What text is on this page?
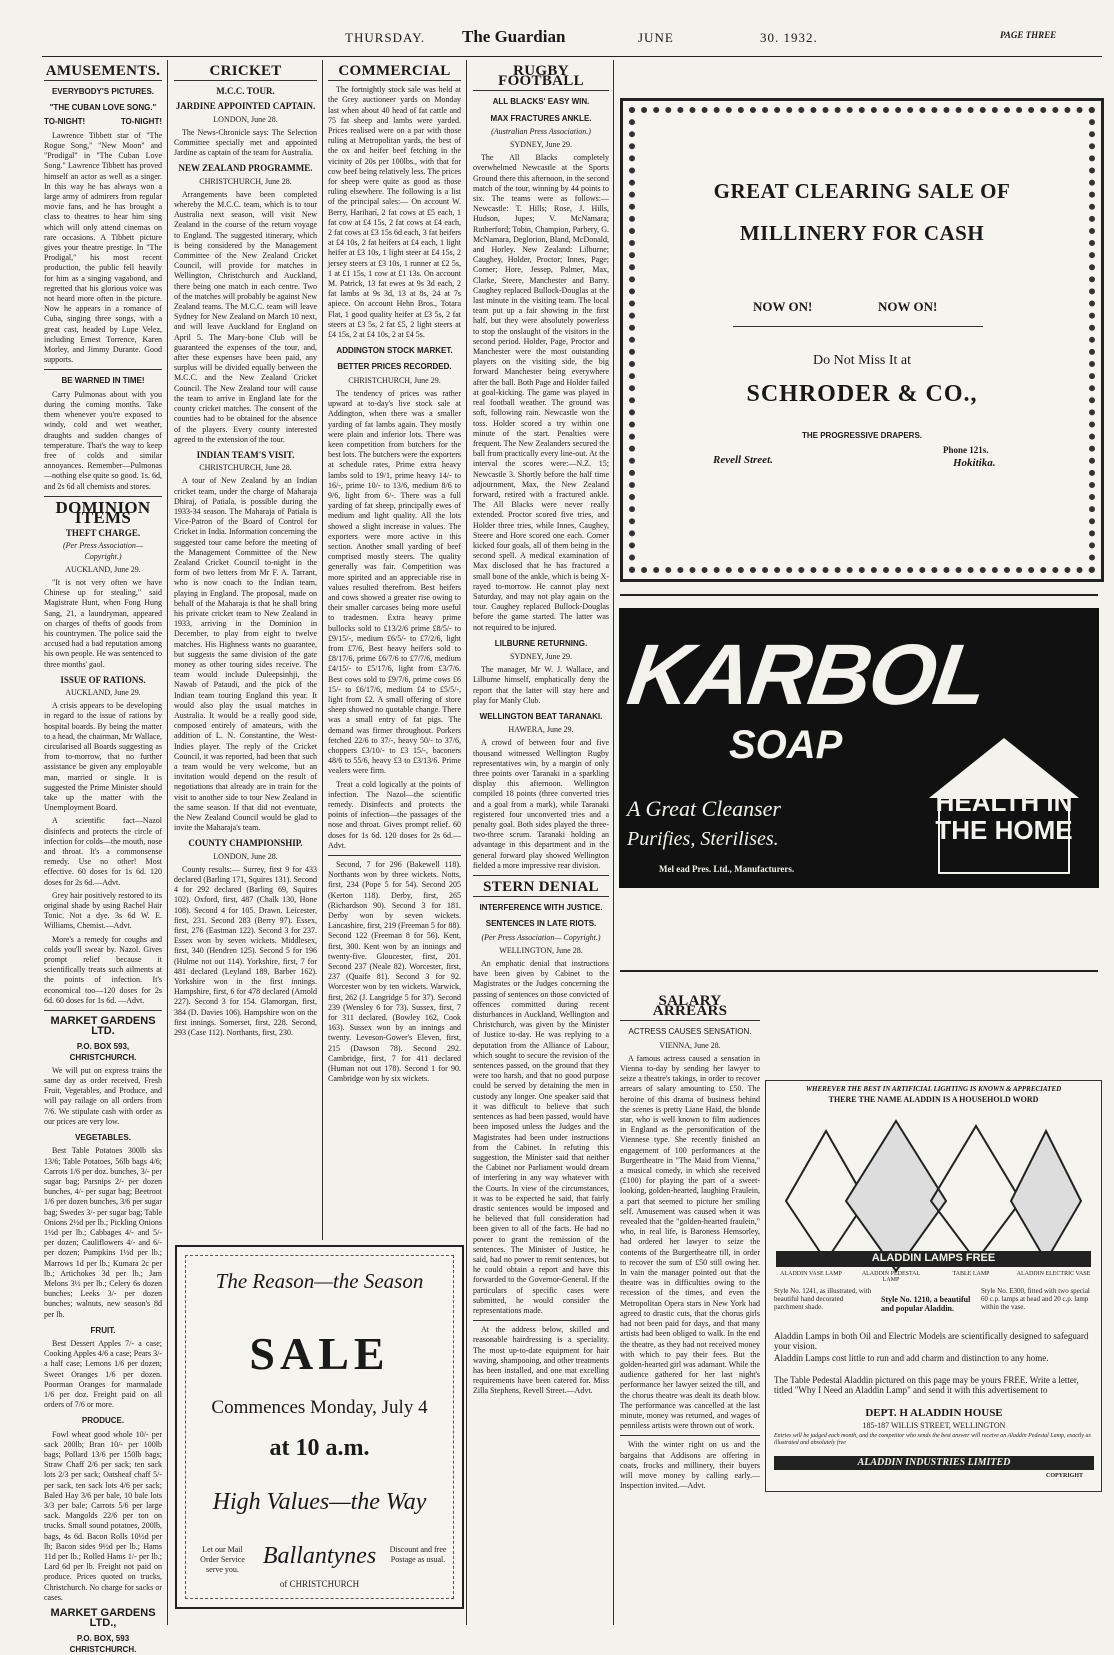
THURSDAY. The Guardian	JUNE	30. 1932.	PAGE THREE
AMUSEMENTS.
EVERYBODY'S PICTURES.
"THE CUBAN LOVE SONG."
TO-NIGHT!	TO-NIGHT!

Lawrence Tibbett star of "The Rogue Song," "New Moon" and "Prodigal" in "The Cuban Love Song." Lawrence Tibbett has proved himself an actor as well as a singer. In this way he has always won a large army of admirers from regular movie fans, and he has brought a class to theatres to hear him sing which will only attend cinemas on rare occasions. A Tibbett picture gives your theatre prestige. In "The Prodigal," his most recent production, the public fell heavily for him as a singing vagabond, and regretted that his glorious voice was not heard more often in the picture. Now he appears in a romance of Cuba, singing three songs, with a great cast, headed by Lupe Velez, including Ernest Torrence, Karen Morley, and Jimmy Durante. Good supports.

BE WARNED IN TIME!

Carry Pulmonas about with you during the coming months. Take them whenever you're exposed to windy, cold and wet weather, draughts and sudden changes of temperature. That's the way to keep free of colds and similar annoyances. Remember—Pulmonas—nothing else quite so good. 1s. 6d, and 2s 6d all chemists and stores.

DOMINION ITEMS
THEFT CHARGE.

(Per Press Association— Copyright.)

AUCKLAND, June 29.

"It is not very often we have Chinese up for stealing," said Magistrate Hunt, when Fong Hung Sang, 21, a laundryman, appeared on charges of thefts of goods from his countrymen. The police said the accused had a bad reputation among his own people. He was sentenced to three months' gaol.

ISSUE OF RATIONS.

AUCKLAND, June 29.

A crisis appears to be developing in regard to the issue of rations by hospital boards. By being the matter to a head, the chairman, Mr Wallace, circularised all Boards suggesting as from to-morrow, that no further assistance be given any employable man, married or single. It is suggested the Prime Minister should take up the matter with the Unemployment Board.

A scientific fact—Nazol disinfects and protects the circle of infection for colds—the mouth, nose and throat. It's a commonsense remedy. Use no other! Most effective. 60 doses for 1s 6d. 120 doses for 2s 6d.—Advt.

Grey hair positively restored to its original shade by using Rachel Hair Tonic. Not a dye. 3s 6d W. E. Williams, Chemist.—Advt.

More's a remedy for coughs and colds you'll swear by. Nazol. Gives prompt relief because it scientifically treats such ailments at the points of infection. It's economical too—120 doses for 2s 6d. 60 doses for 1s 6d. —Advt.

MARKET GARDENS LTD.
P.O. BOX 593, CHRISTCHURCH.

We will put on express trains the same day as order received, Fresh Fruit, Vegetables, and Produce, and will pay railage on all orders from 7/6. We stipulate cash with order as our prices are very low.

VEGETABLES.

Best Table Potatoes 300lb sks 13/6; Table Potatoes, 56lb bags 4/6; Carrots 1/6 per doz. bunches, 3/- per sugar bag; Parsnips 2/- per dozen bunches, 4/- per sugar bag; Beetroot 1/6 per dozen bunches, 3/6 per sugar bag; Swedes 3/- per sugar bag; Table Onions 2½d per lb.; Pickling Onions 1½d per lb.; Cabbages 4/- and 5/- per dozen; Cauliflowers 4/- and 6/- per dozen; Pumpkins 1½d per lb.; Marrows 1d per lb.; Kumara 2c per lb.; Artichokes 3d per lb.; Jam Melons 3½ per lb.; Celery 6s dozen bunches; Leeks 3/- per dozen bunches; walnuts, new season's 8d per lb.

FRUIT.

Best Dessert Apples 7/- a case; Cooking Apples 4/6 a case; Pears 3/- a half case; Lemons 1/6 per dozen; Sweet Oranges 1/6 per dozen. Poorman Oranges for marmalade 1/6 per doz. Freight paid on all orders of 7/6 or more.

PRODUCE.

Fowl wheat good whole 10/- per sack 200lb; Bran 10/- per 100lb bags; Pollard 13/6 per 150lb bags; Straw Chaff 2/6 per sack; ten sack lots 2/3 per sack; Oatsheaf chaff 5/- per sack, ten sack lots 4/6 per sack; Baled Hay 3/6 per bale, 10 bale lots 3/3 per bale; Carrots 5/6 per large sack. Mangolds 22/6 per ton on trucks. Small sound potatoes, 200lb, bags, 4s 6d. Bacon Rolls 10½d per lb; Bacon sides 9½d per lb.; Hams 11d per lb.; Rolled Hams 1/- per lb.; Lard 6d per lb. Freight not paid on produce. Prices quoted on trucks, Christchurch. No charge for sacks or cases.

MARKET GARDENS LTD.,
P.O. BOX, 593 CHRISTCHURCH.
CRICKET
M.C.C. TOUR.
JARDINE APPOINTED CAPTAIN.

LONDON, June 28.

The News-Chronicle says: The Selection Committee specially met and appointed Jardine as captain of the team for Australia.

NEW ZEALAND PROGRAMME.

CHRISTCHURCH, June 28.

Arrangements have been completed whereby the M.C.C. team, which is to tour Australia next season, will visit New Zealand in the course of the return voyage to England. The suggested itinerary, which is being considered by the Management Committee of the New Zealand Cricket Council, will provide for matches in Wellington, Christchurch and Auckland, there being one match in each centre. Two of the matches will probably be against New Zealand teams. The M.C.C. team will leave Sydney for New Zealand on March 10 next, and will leave Auckland for England on April 5. The Mary-bone Club will be guaranteed the expenses of the tour, and, after these expenses have been paid, any surplus will be divided equally between the M.C.C. and the New Zealand Cricket Council. The New Zealand tour will cause the team to arrive in England late for the county cricket matches. The consent of the counties had to be obtained for the absence of the players. Every county interested agreed to the extension of the tour.

INDIAN TEAM'S VISIT.

CHRISTCHURCH, June 28.

A tour of New Zealand by an Indian cricket team, under the charge of Maharaja Dhiraj, of Patiala, is possible during the 1933-34 season. The Maharaja of Patiala is Vice-Patron of the Board of Control for Cricket in India. Information concerning the suggested tour came before the meeting of the Management Committee of the New Zealand Cricket Council to-night in the form of two letters from Mr F. A. Tarrant, who is now coach to the Indian team, playing in England. The proposal, made on behalf of the Maharaja is that he shall bring his private cricket team to New Zealand in 1933, arriving in the Dominion in December, to play from eight to twelve matches. His Highness wants no guarantee, but suggests the same division of the gate money as other touring sides receive. The team would include Duleepsinhji, the Nawab of Pataudi, and the pick of the Indian team touring England this year. It would also play the usual matches in Australia. It would be a really good side, composed entirely of amateurs, with the addition of L. N. Constantine, the West-Indies player. The reply of the Cricket Council, it was reported, had been that such a team would be very welcome, but an invitation would depend on the result of negotiations that already are in train for the visit to another side to tour New Zealand in the same season. If that did not eventuate, the New Zealand Council would be glad to invite the Maharaja's team.

COUNTY CHAMPIONSHIP.

LONDON, June 28.

County results:— Surrey, first 9 for 433 declared (Barling 171, Squires 131). Second 4 for 292 declared (Barling 69, Squires 102). Oxford, first, 487 (Chalk 130, Hone 108). Second 4 for 105. Drawn. Leicester, first, 231. Second 283 (Berry 97). Essex, first, 276 (Eastman 122). Second 3 for 237. Essex won by seven wickets. Middlesex, first, 340 (Hendren 125). Second 5 for 196 (Hulme not out 114). Yorkshire, first, 7 for 481 declared (Leyland 189, Barber 162). Yorkshire won in the first innings. Hampshire, first, 6 for 478 declared (Arnold 227). Second 3 for 154. Glamorgan, first, 384 (D. Davies 106). Hampshire won on the first innings. Somerset, first, 228. Second, 293 (Case 112). Northants, first, 230.

COMMERCIAL

The fortnightly stock sale was held at the Grey auctioneer yards on Monday last when about 40 head of fat cattle and 75 fat sheep and lambs were yarded. Prices realised were on a par with those ruling at Metropolitan yards, the best of the ox and heifer beef fetching in the vicinity of 20s per 100lbs., with that for cow beef being relatively less. The prices for sheep were quite as good as those ruling elsewhere. The following is a list of the principal sales:— On account W. Berry, Hariharí, 2 fat cows at £5 each, 1 fat cow at £4 15s, 2 fat cows at £4 each, 2 fat cows at £3 15s 6d each, 3 fat heifers at £4 10s, 2 fat heifers at £4 each, 1 light heifer at £3 10s, 1 light steer at £4 15s, 2 jersey steers at £3 10s, 1 runner at £2 5s, 1 at £1 15s, 1 cow at £1 13s. On account M. Patrick, 13 fat ewes at 9s 3d each, 2 fat lambs at 9s 3d, 13 at 8s, 24 at 7s apiece. On account Hehn Bros., Totara Flat, 1 good quality heifer at £3 5s, 2 fat steers at £3 5s, 2 fat £5, 2 light steers at £4 15s, 2 at £4 10s, 2 at £4 5s.

ADDINGTON STOCK MARKET.
BETTER PRICES RECORDED.

CHRISTCHURCH, June 29.

The tendency of prices was rather upward at to-day's live stock sale at Addington, when there was a smaller yarding of fat lambs again. They mostly were plain and inferior lots. There was keen competition from butchers for the best lots. The butchers were the exporters at schedule rates, Prime extra heavy lambs sold to 19/1, prime heavy 14/- to 16/-, prime 10/- to 13/6, medium 8/6 to 9/6, light from 6/-. There was a full yarding of fat sheep, principally ewes of medium and light quality. All the lots showed a slight increase in values. The exporters were more active in this section. Another small yarding of beef comprised mostly steers. The quality generally was fair. Competition was more spirited and an appreciable rise in values resulted therefrom. Best heifers and cows showed a greater rise owing to their smaller carcases being more useful to tradesmen. Extra heavy prime bullocks sold to £13/2/6 prime £8/5/- to £9/15/-, medium £6/5/- to £7/2/6, light from £7/6, Best heavy heifers sold to £8/17/6, prime £6/7/6 to £7/7/6, medium £4/15/- to £5/17/6, light from £3/7/6. Best cows sold to £9/7/6, prime cows £6 15/- to £6/17/6, medium £4 to £5/5/-, light from £2. A small offering of store sheep showed no quotable change. There was a small entry of fat pigs. The demand was firmer throughout. Porkers fetched 22/6 to 37/-, heavy 50/- to 37/6, choppers £3/10/- to £3 15/-, baconers 48/6 to 55/6, heavy £3 to £3/13/6. Prime vealers were firm.

Treat a cold logically at the points of infection. The Nazol—the scientific remedy. Disinfects and protects the points of infection—the passages of the nose and throat. Gives prompt relief. 60 doses for 1s 6d. 120 doses for 2s 6d.—Advt.

Second, 7 for 296 (Bakewell 118). Northants won by three wickets. Notts, first, 234 (Pope 5 for 54). Second 205 (Kerton 118). Derby, first, 265 (Richardson 90). Second 3 for 181. Derby won by seven wickets. Lancashire, first, 219 (Freeman 5 for 88). Second 122 (Freeman 8 for 56). Kent, first, 300. Kent won by an innings and twenty-five. Gloucester, first, 201. Second 237 (Neale 82). Worcester, first, 237 (Quaife 81). Second 3 for 92. Worcester won by ten wickets. Warwick, first, 262 (J. Langridge 5 for 37). Second 239 (Wensley 6 for 73). Sussex, first, 7 for 311 declared. (Bowley 162, Cook 163). Sussex won by an innings and twenty. Leveson-Gower's Eleven, first, 215 (Dawson 78). Second 292. Cambridge, first, 7 for 411 declared (Human not out 178). Second 1 for 90. Cambridge won by six wickets.

RUGBY FOOTBALL
ALL BLACKS' EASY WIN.
MAX FRACTURES ANKLE.

(Australian Press Association.)

SYDNEY, June 29.

The All Blacks completely overwhelmed Newcastle at the Sports Ground there this afternoon, in the second match of the tour, winning by 44 points to six. The teams were as follows:— Newcastle: T. Hills; Rose, J. Hills, Hudson, Jupes; V. McNamara; Rutherford; Tobin, Champion, Parbery, G. McNamara, Deglorion, Bland, McDonald, and Horley. New Zealand: Lilburne; Caughey, Holder, Proctor; Innes, Page; Corner; Hore, Jessep, Palmer, Max, Clarke, Steere, Manchester and Barry. Caughey replaced Bullock-Douglas at the last minute in the visiting team. The local team put up a fair showing in the first half, but they were absolutely powerless to stop the onslaught of the visitors in the second period. Holder, Page, Proctor and Manchester were the most outstanding players on the visiting side, the big forward Manchester being everywhere after the ball. Both Page and Holder failed at goal-kicking. The game was played in real football weather. The ground was soft, following rain. Newcastle won the toss. Holder scored a try within one minute of the start. Penalties were frequent. The New Zealanders secured the ball from practically every line-out. At the interval the scores were:—N.Z. 15; Newcastle 3. Shortly before the half time adjournment, Max, the New Zealand forward, retired with a fractured ankle. The All Blacks were never really extended. Proctor scored five tries, and Holder three tries, while Innes, Caughey, Steere and Hore scored one each. Corner kicked four goals, all of them being in the second spell. A medical examination of Max disclosed that he has fractured a small bone of the ankle, which is being X-rayed to-morrow. He cannot play next Saturday, and may not play again on the tour. Caughey replaced Bullock-Douglas before the game started. The latter was not required to be injured.

LILBURNE RETURNING.

SYDNEY, June 29.

The manager, Mr W. J. Wallace, and Lilburne himself, emphatically deny the report that the latter will stay here and play for Manly Club.

WELLINGTON BEAT TARANAKI.

HAWERA, June 29.

A crowd of between four and five thousand witnessed Wellington Rugby representatives win, by a margin of only three points over Taranaki in a sparkling display this afternoon. Wellington compiled 18 points (three converted tries and a goal from a mark), while Taranaki registered four unconverted tries and a penalty goal. Both sides played the three-two-three scrum. Taranaki holding an advantage in this department and in the general forward play showed Wellington fielded a more impressive rear division.

STERN DENIAL
INTERFERENCE WITH JUSTICE.
SENTENCES IN LATE RIOTS.

(Per Press Association— Copyright.)

WELLINGTON, June 28.

An emphatic denial that instructions have been given by Cabinet to the Magistrates or the Judges concerning the passing of sentences on those convicted of offences committed during recent disturbances in Auckland, Wellington and Christchurch, was given by the Minister of Justice to-day. He was replying to a deputation from the Alliance of Labour, which sought to secure the revision of the sentences passed, on the ground that they were too harsh, and that no good purpose could be served by detaining the men in custody any longer. One speaker said that it was difficult to believe that such sentences as had been passed, would have been imposed unless the Judges and the Magistrates had been under instructions from the Cabinet. In refuting this suggestion, the Minister said that neither the Cabinet nor Parliament would dream of interfering in any way whatever with the Courts. In view of the circumstances, it was to be expected he said, that fairly drastic sentences would be imposed and he believed that full consideration had been given to all of the facts. He had no power to grant the remission of the sentences. The Minister of Justice, he said, had no power to remit sentences, but he could obtain a report and have this forwarded to the Governor-General. If the particulars of specific cases were submitted, he would consider the representations made.

At the address below, skilled and reasonable hairdressing is a speciality. The most up-to-date equipment for hair waving, shampooing, and other treatments has been installed, and one mat excelling requirements have been catered for. Miss Zilla Stephens, Revell Street.—Advt.

GREAT CLEARING SALE OF
MILLINERY FOR CASH
NOW ON!	NOW ON!
Do Not Miss It at
SCHRODER & CO.,
THE PROGRESSIVE DRAPERS.
Revell Street.
Phone 121s.
Hokitika.
KARBOL
SOAP
HEALTH IN THE HOME
A Great Cleanser
Purifies, Sterilises.
Mel ead Pres. Ltd., Manufacturers.
SALARY ARREARS
ACTRESS CAUSES SENSATION.

VIENNA, June 28.

A famous actress caused a sensation in Vienna to-day by sending her lawyer to seize a theatre's takings, in order to recover arrears of salary amounting to £50. The heroine of this drama of business behind the scenes is pretty Liane Haid, the blonde star, who is well known to film audiences in England as the personification of the Viennese type. She recently finished an engagement of 100 performances at the Burgertheatre in "The Maid from Vienna," a musical comedy, in which she received (£100) for playing the part of a sweet-looking, golden-hearted, laughing Fraulein, a part that seemed to picture her smiling self. Amusement was caused when it was revealed that the "golden-hearted fraulein," who, in real life, is Baroness Hemsorley, had ordered her lawyer to seize the contents of the Burgertheatre till, in order to recover the sum of £50 still owing her. In vain the manager pointed out that the theatre was in difficulties owing to the recession of the times, and even the Metropolitan Opera stars in New York had agreed to drastic cuts, that the chorus girls had not been paid for days, and that many artists had been obliged to walk. In the end the theatre, as they had not received money with which to pay their fees. But the golden-hearted girl was adamant. While the audience gathered for her last night's performance her lawyer seized the till, and the chorus theatre was dealt its death blow. The performance was cancelled at the last minute, money was returned, and wages of penniless artists were thrown out of work.

With the winter right on us and the bargains that Addisons are offering in coats, frocks and millinery, their buyers will move money by calling early.—Inspection invited.—Advt.

WHEREVER THE BEST IN ARTIFICIAL LIGHTING IS KNOWN & APPRECIATED
THERE THE NAME ALADDIN IS A HOUSEHOLD WORD
ALADDIN LAMPS FREE
ALADDIN VASE LAMP	ALADDIN PEDESTAL LAMP
TABLE LAMP	ALADDIN ELECTRIC VASE
Style No. 1241, as illustrated, with beautiful hand decorated parchment shade.
Style No. 1210, a beautiful and popular Aladdin.
Style No. E300, fitted with two special 60 c.p. lamps at head and 20 c.p. lamp within the vase.
Aladdin Lamps in both Oil and Electric Models are scientifically designed to safeguard your vision.
Aladdin Lamps cost little to run and add charm and distinction to any home.
The Table Pedestal Aladdin pictured on this page may be yours FREE. Write a letter, titled "Why I Need an Aladdin Lamp" and send it with this advertisement to
DEPT. H ALADDIN HOUSE
185-187 WILLIS STREET, WELLINGTON
Entries will be judged each month, and the competitor who sends the best answer will receive an Aladdin Pedestal Lamp, exactly as illustrated and absolutely free
ALADDIN INDUSTRIES LIMITED
COPYRIGHT
The Reason—the Season
SALE
Commences Monday, July 4
at 10 a.m.
High Values—the Way
Let our Mail Order Service serve you.
Ballantynes
of CHRISTCHURCH
Discount and free Postage as usual.
